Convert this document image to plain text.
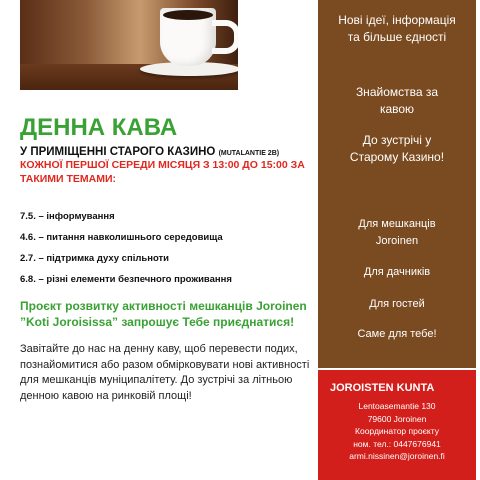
ДЕННА КАВА
У ПРИМІЩЕННІ СТАРОГО КАЗИНО (MUTALANTIE 2B)
КОЖНОЇ ПЕРШОЇ СЕРЕДИ МІСЯЦЯ З 13:00 ДО 15:00 ЗА ТАКИМИ ТЕМАМИ:
7.5. – інформування
4.6. – питання навколишнього середовища
2.7. – підтримка духу спільноти
6.8. – різні елементи безпечного проживання
Проєкт розвитку активності мешканців Joroinen ”Koti Joroisissa” запрошує Тебе приєднатися!
Завітайте до нас на денну каву, щоб перевести подих, познайомитися або разом обмірковувати нові активності для мешканців муніципалітету. До зустрічі за літньою денною кавою на ринковій площі!
Нові ідеї, інформація та більше єдності
Знайомства за кавою
До зустрічі у Старому Казино!
Для мешканців Joroinen
Для дачників
Для гостей
Саме для тебе!
JOROISTEN KUNTA
Lentoasemantie 130
79600 Joroinen
Координатор проєкту
ном. тел.: 0447676941
armi.nissinen@joroinen.fi
